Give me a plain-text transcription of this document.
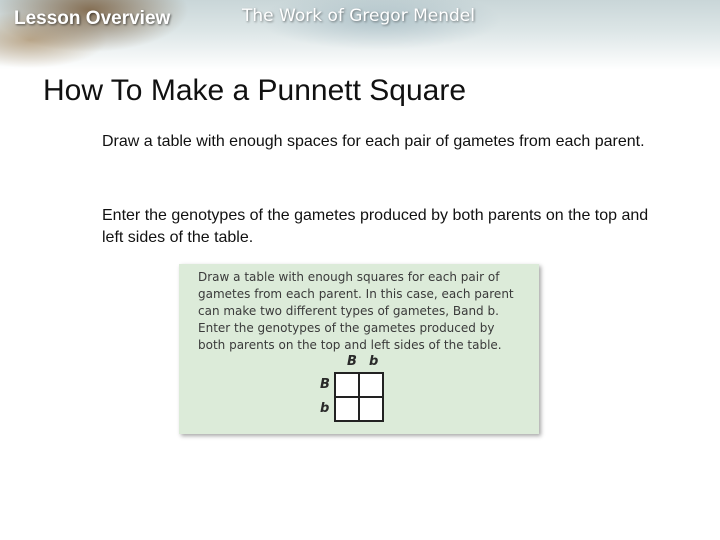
Lesson Overview	The Work of Gregor Mendel
How To Make a Punnett Square

Draw a table with enough spaces for each pair of gametes from each parent.

Enter the genotypes of the gametes produced by both parents on the top and left sides of the table.

Draw a table with enough squares for each pair of
gametes from each parent. In this case, each parent
can make two different types of gametes, Band b.
Enter the genotypes of the gametes produced by
both parents on the top and left sides of the table.

B b
B
b
